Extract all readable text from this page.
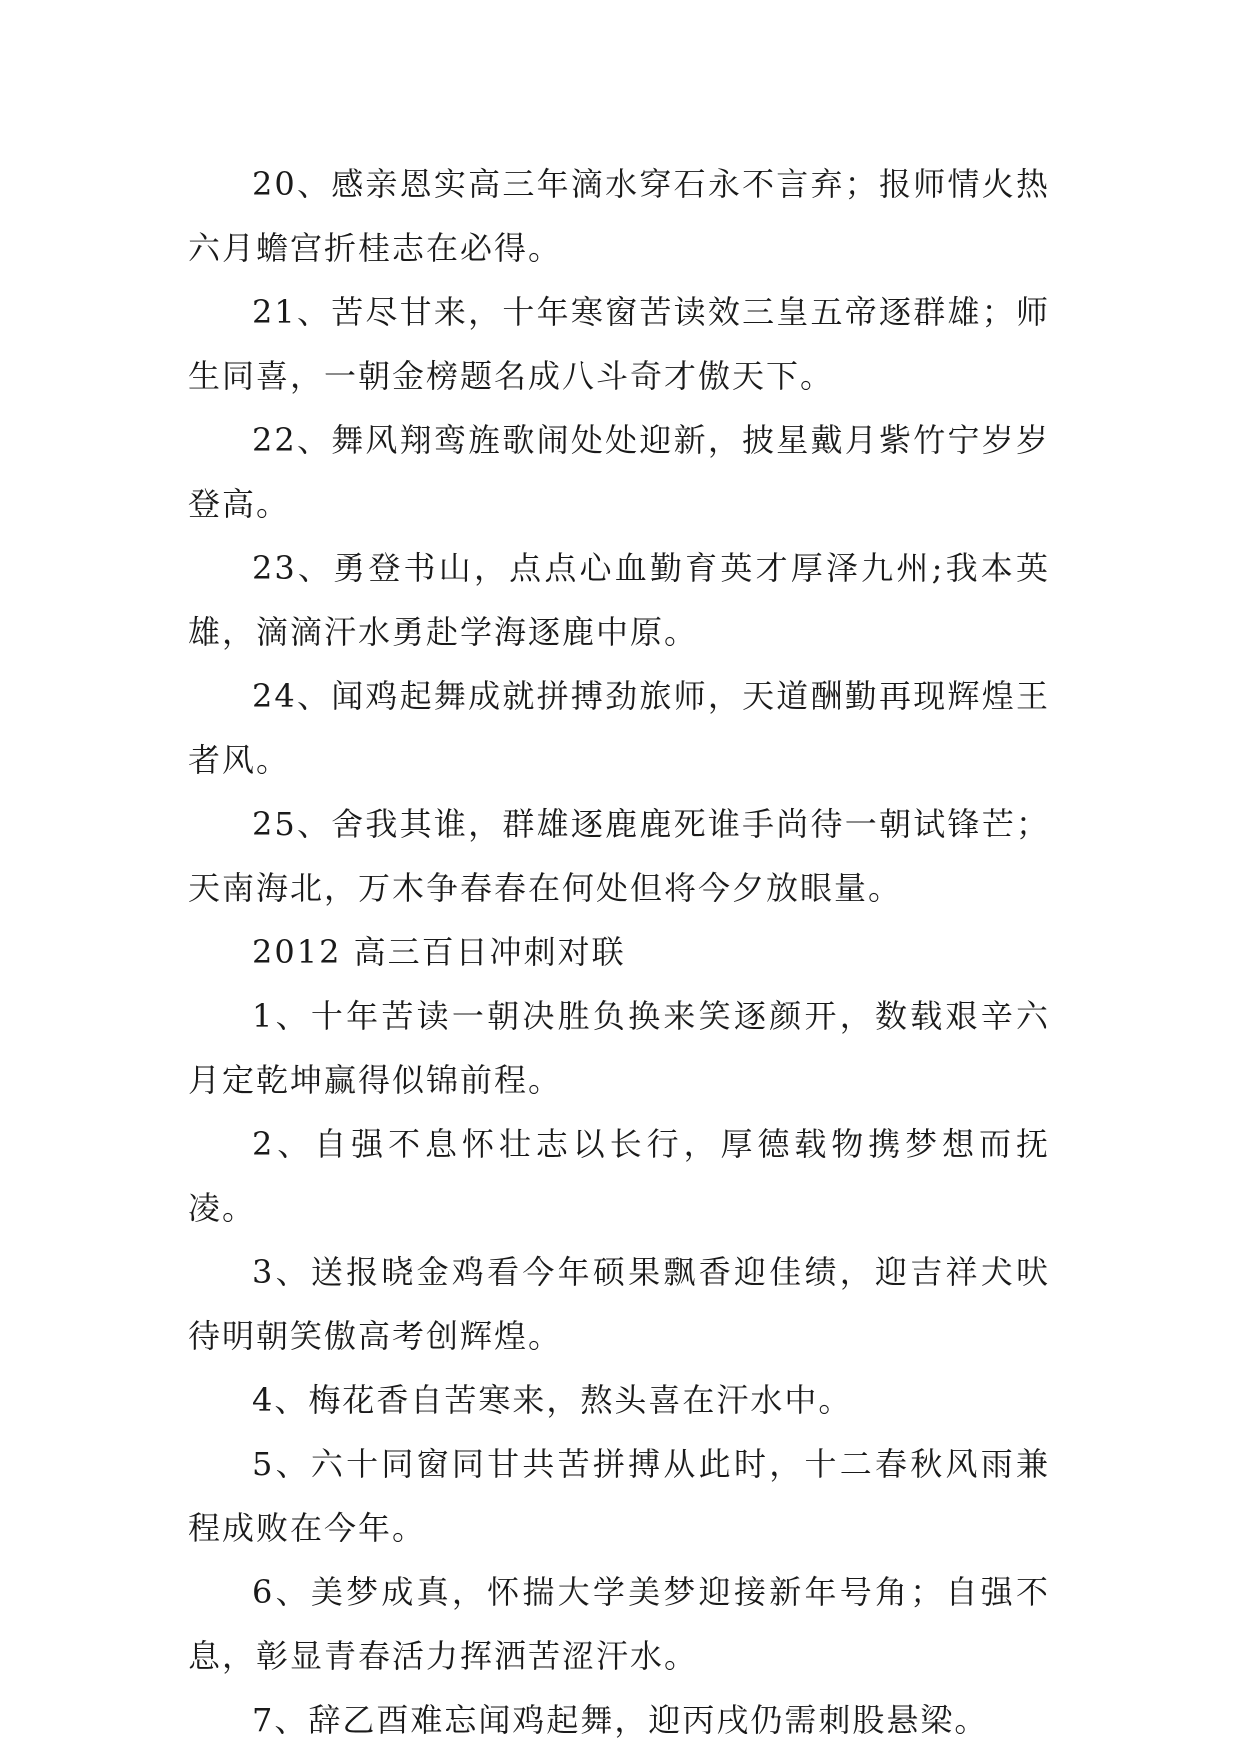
20、感亲恩实高三年滴水穿石永不言弃；报师情火热六月蟾宫折桂志在必得。

21、苦尽甘来，十年寒窗苦读效三皇五帝逐群雄；师生同喜，一朝金榜题名成八斗奇才傲天下。

22、舞风翔鸾旌歌闹处处迎新，披星戴月紫竹宁岁岁登高。

23、勇登书山，点点心血勤育英才厚泽九州;我本英雄，滴滴汗水勇赴学海逐鹿中原。

24、闻鸡起舞成就拼搏劲旅师，天道酬勤再现辉煌王者风。

25、舍我其谁，群雄逐鹿鹿死谁手尚待一朝试锋芒；天南海北，万木争春春在何处但将今夕放眼量。

2012 高三百日冲刺对联

1、十年苦读一朝决胜负换来笑逐颜开，数载艰辛六月定乾坤赢得似锦前程。

2、自强不息怀壮志以长行，厚德载物携梦想而抚凌。

3、送报晓金鸡看今年硕果飘香迎佳绩，迎吉祥犬吠待明朝笑傲高考创辉煌。

4、梅花香自苦寒来，熬头喜在汗水中。

5、六十同窗同甘共苦拼搏从此时，十二春秋风雨兼程成败在今年。

6、美梦成真，怀揣大学美梦迎接新年号角；自强不息，彰显青春活力挥洒苦涩汗水。

7、辞乙酉难忘闻鸡起舞，迎丙戌仍需刺股悬梁。
